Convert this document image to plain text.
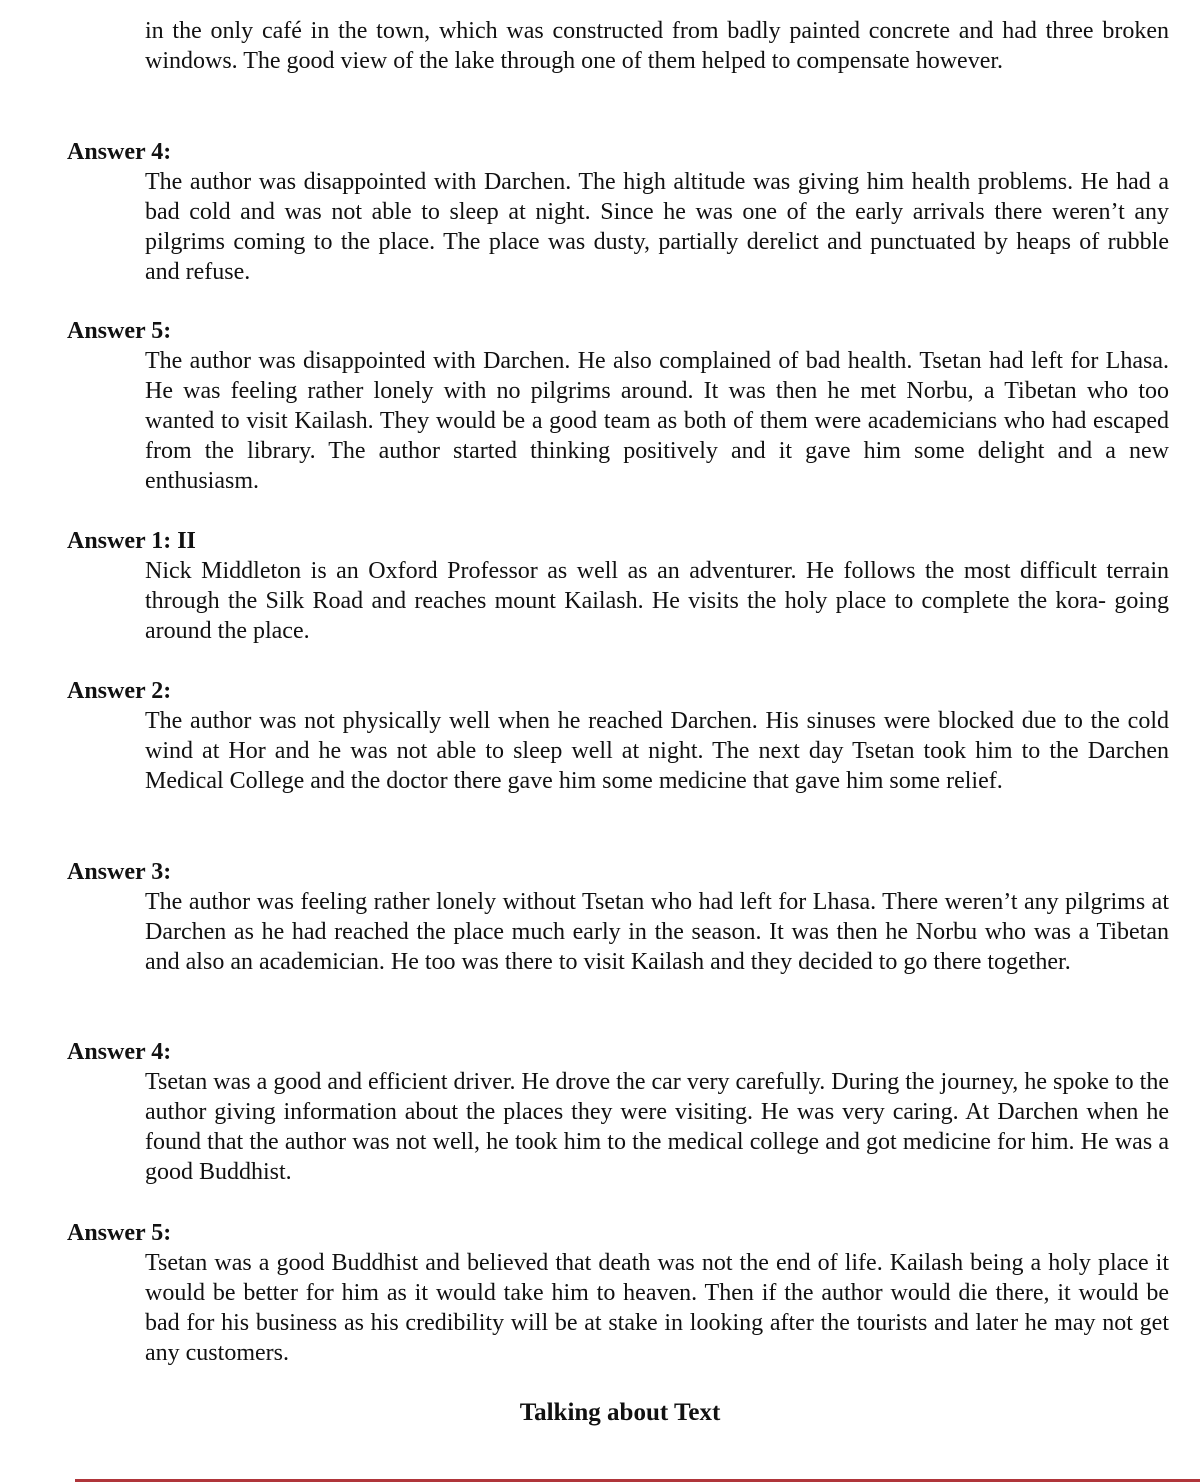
in the only café in the town, which was constructed from badly painted concrete and had three broken windows. The good view of the lake through one of them helped to compensate however.

Answer 4:
The author was disappointed with Darchen. The high altitude was giving him health problems. He had a bad cold and was not able to sleep at night. Since he was one of the early arrivals there weren’t any pilgrims coming to the place. The place was dusty, partially derelict and punctuated by heaps of rubble and refuse.
Answer 5:
The author was disappointed with Darchen. He also complained of bad health. Tsetan had left for Lhasa. He was feeling rather lonely with no pilgrims around. It was then he met Norbu, a Tibetan who too wanted to visit Kailash. They would be a good team as both of them were academicians who had escaped from the library. The author started thinking positively and it gave him some delight and a new enthusiasm.
Answer 1: II
Nick Middleton is an Oxford Professor as well as an adventurer. He follows the most difficult terrain through the Silk Road and reaches mount Kailash. He visits the holy place to complete the kora- going around the place.
Answer 2:
The author was not physically well when he reached Darchen. His sinuses were blocked due to the cold wind at Hor and he was not able to sleep well at night. The next day Tsetan took him to the Darchen Medical College and the doctor there gave him some medicine that gave him some relief.
Answer 3:
The author was feeling rather lonely without Tsetan who had left for Lhasa. There weren’t any pilgrims at Darchen as he had reached the place much early in the season. It was then he Norbu who was a Tibetan and also an academician. He too was there to visit Kailash and they decided to go there together.
Answer 4:
Tsetan was a good and efficient driver. He drove the car very carefully. During the journey, he spoke to the author giving information about the places they were visiting. He was very caring. At Darchen when he found that the author was not well, he took him to the medical college and got medicine for him. He was a good Buddhist.
Answer 5:
Tsetan was a good Buddhist and believed that death was not the end of life. Kailash being a holy place it would be better for him as it would take him to heaven. Then if the author would die there, it would be bad for his business as his credibility will be at stake in looking after the tourists and later he may not get any customers.
Talking about Text
